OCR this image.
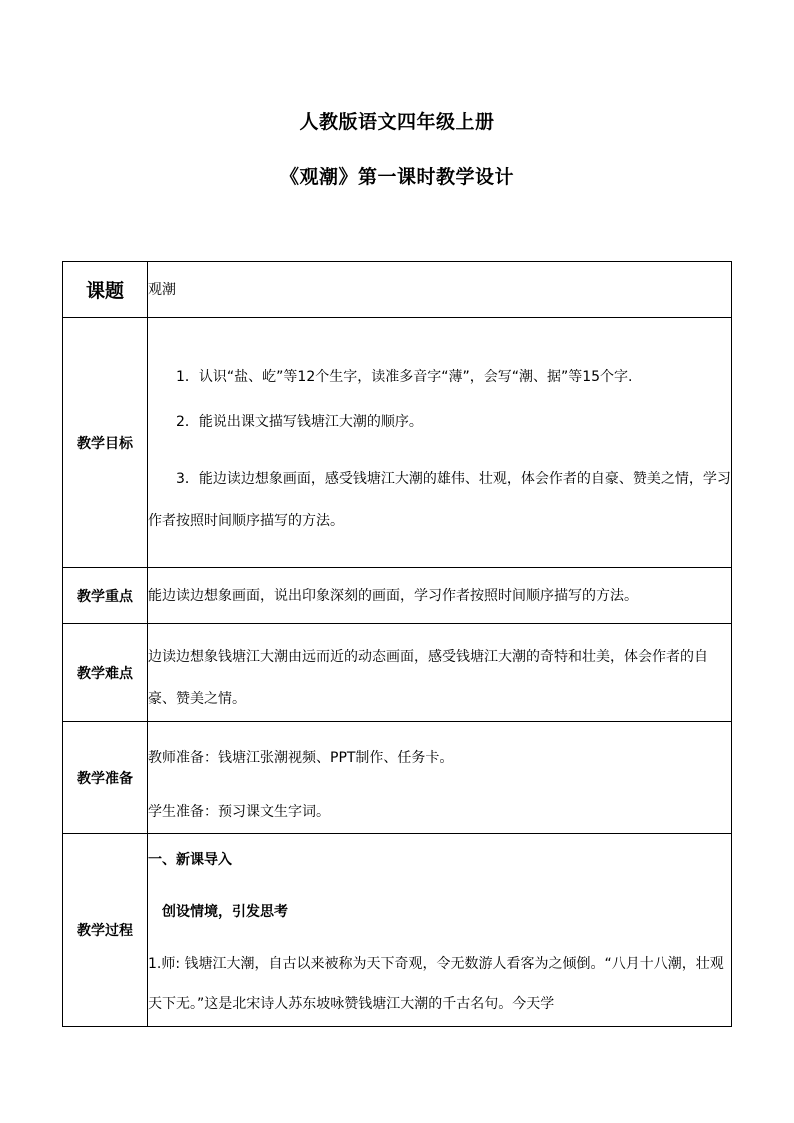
人教版语文四年级上册
《观潮》第一课时教学设计
课题	观潮
教学目标	1．认识“盐、屹”等12个生字，读准多音字“薄”，会写“潮、据”等15个字.

2．能说出课文描写钱塘江大潮的顺序。

3．能边读边想象画面，感受钱塘江大潮的雄伟、壮观，体会作者的自豪、赞美之情，学习作者按照时间顺序描写的方法。

教学重点	能边读边想象画面，说出印象深刻的画面，学习作者按照时间顺序描写的方法。
教学难点	边读边想象钱塘江大潮由远而近的动态画面，感受钱塘江大潮的奇特和壮美，体会作者的自豪、赞美之情。

教学准备	教师准备：钱塘江张潮视频、PPT制作、任务卡。

学生准备：预习课文生字词。

教学过程	一、新课导入

创设情境，引发思考

1.师: 钱塘江大潮，自古以来被称为天下奇观，令无数游人看客为之倾倒。“八月十八潮，壮观天下无。”这是北宋诗人苏东坡咏赞钱塘江大潮的千古名句。今天学
